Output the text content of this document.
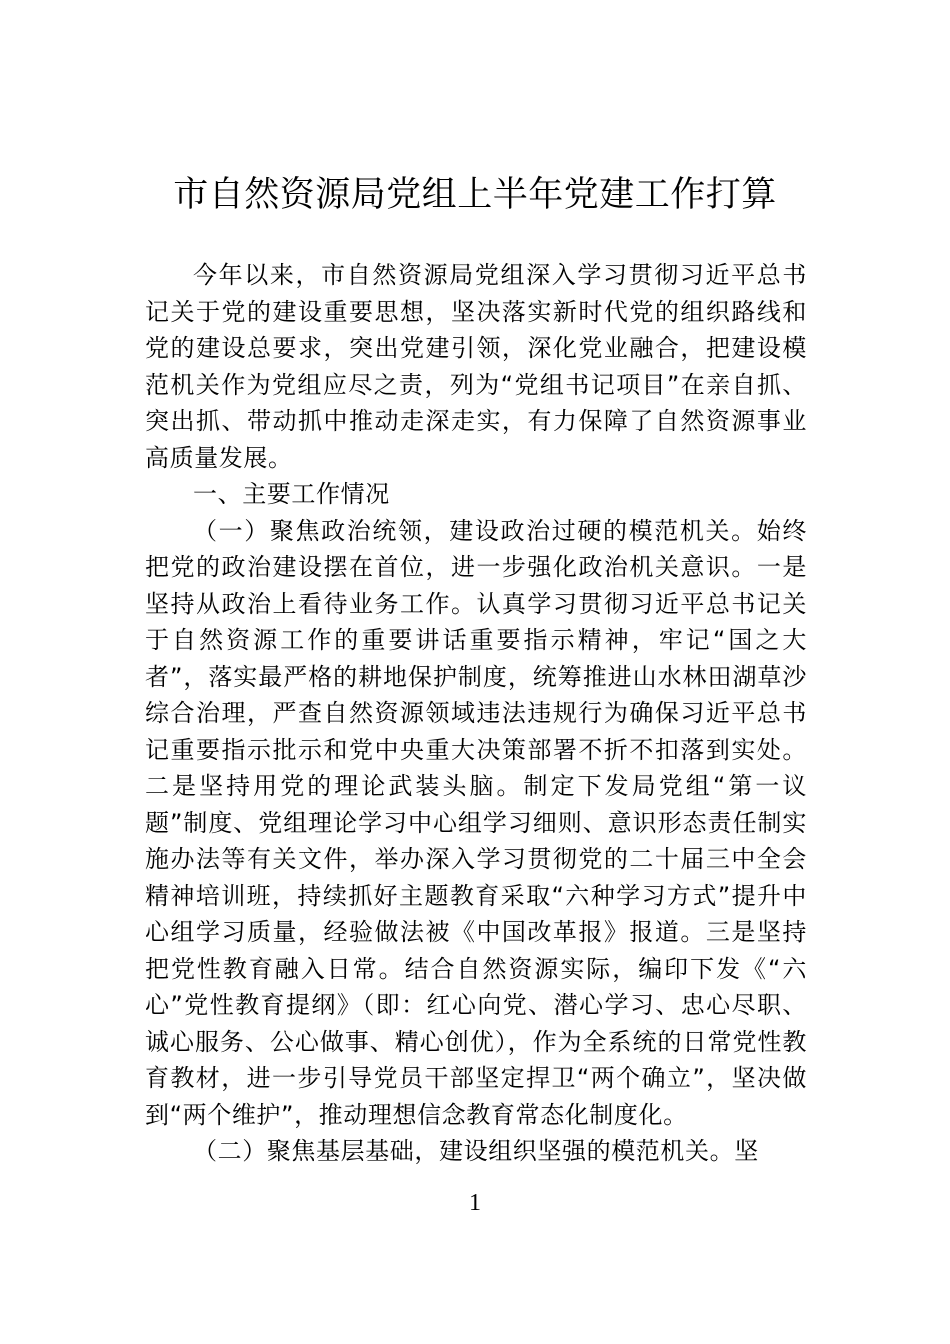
市自然资源局党组上半年党建工作打算

今年以来，市自然资源局党组深入学习贯彻习近平总书记关于党的建设重要思想，坚决落实新时代党的组织路线和党的建设总要求，突出党建引领，深化党业融合，把建设模范机关作为党组应尽之责，列为“党组书记项目”在亲自抓、突出抓、带动抓中推动走深走实，有力保障了自然资源事业高质量发展。

一、主要工作情况

（一）聚焦政治统领，建设政治过硬的模范机关。始终把党的政治建设摆在首位，进一步强化政治机关意识。一是坚持从政治上看待业务工作。认真学习贯彻习近平总书记关于自然资源工作的重要讲话重要指示精神，牢记“国之大者”，落实最严格的耕地保护制度，统筹推进山水林田湖草沙综合治理，严查自然资源领域违法违规行为确保习近平总书记重要指示批示和党中央重大决策部署不折不扣落到实处。二是坚持用党的理论武装头脑。制定下发局党组“第一议题”制度、党组理论学习中心组学习细则、意识形态责任制实施办法等有关文件，举办深入学习贯彻党的二十届三中全会精神培训班，持续抓好主题教育采取“六种学习方式”提升中心组学习质量，经验做法被《中国改革报》报道。三是坚持把党性教育融入日常。结合自然资源实际，编印下发《“六心”党性教育提纲》（即：红心向党、潜心学习、忠心尽职、诚心服务、公心做事、精心创优），作为全系统的日常党性教育教材，进一步引导党员干部坚定捍卫“两个确立”，坚决做到“两个维护”，推动理想信念教育常态化制度化。

（二）聚焦基层基础，建设组织坚强的模范机关。坚

1
